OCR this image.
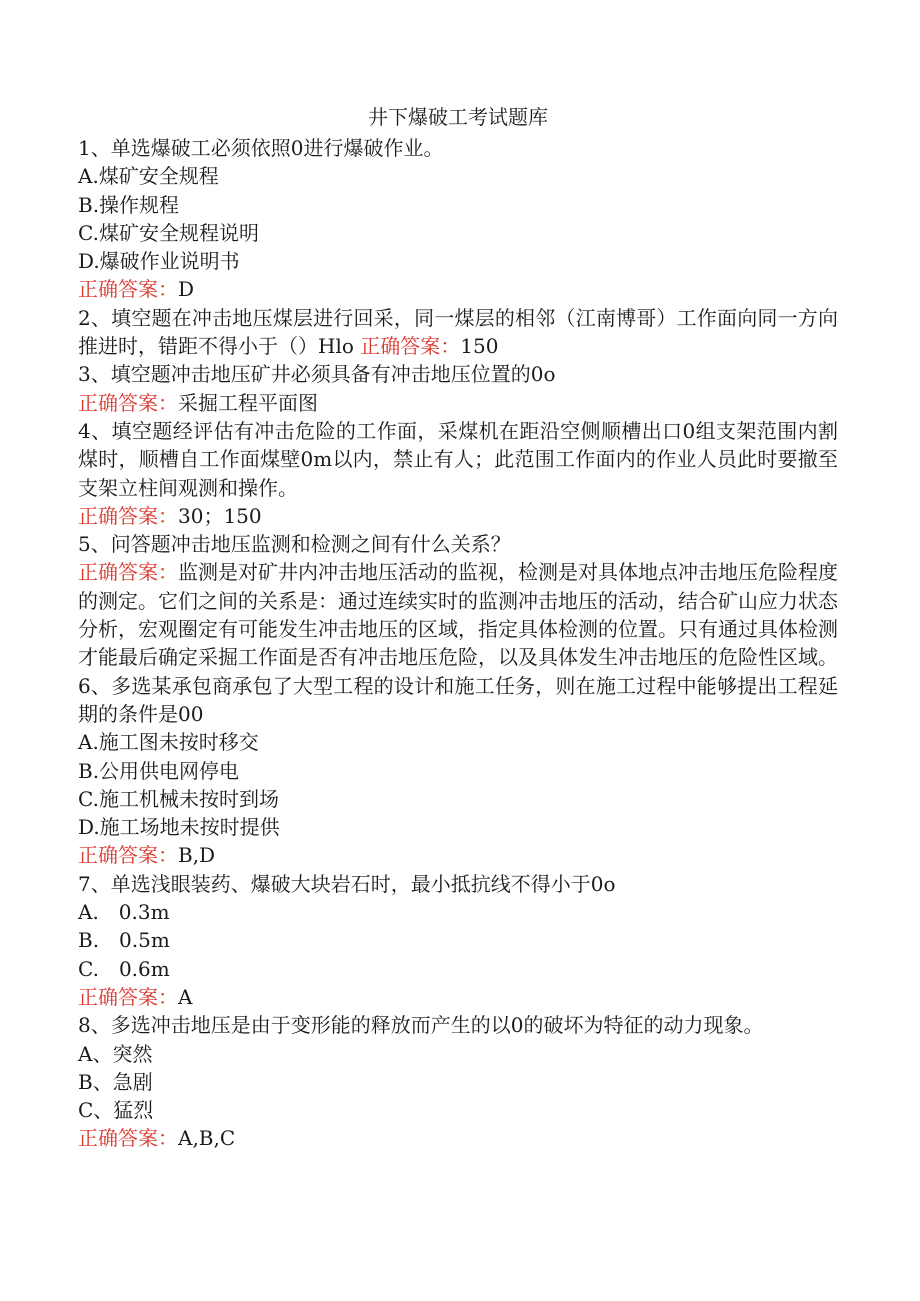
井下爆破工考试题库

1、单选爆破工必须依照0进行爆破作业。

A.煤矿安全规程

B.操作规程

C.煤矿安全规程说明

D.爆破作业说明书

正确答案：D

2、填空题在冲击地压煤层进行回采，同一煤层的相邻（江南博哥）工作面向同一方向推进时，错距不得小于（）Hlo 正确答案：150

3、填空题冲击地压矿井必须具备有冲击地压位置的0o

正确答案：采掘工程平面图

4、填空题经评估有冲击危险的工作面，采煤机在距沿空侧顺槽出口0组支架范围内割煤时，顺槽自工作面煤壁0m以内，禁止有人；此范围工作面内的作业人员此时要撤至支架立柱间观测和操作。

正确答案：30；150

5、问答题冲击地压监测和检测之间有什么关系？

正确答案：监测是对矿井内冲击地压活动的监视，检测是对具体地点冲击地压危险程度的测定。它们之间的关系是：通过连续实时的监测冲击地压的活动，结合矿山应力状态分析，宏观圈定有可能发生冲击地压的区域，指定具体检测的位置。只有通过具体检测才能最后确定采掘工作面是否有冲击地压危险，以及具体发生冲击地压的危险性区域。

6、多选某承包商承包了大型工程的设计和施工任务，则在施工过程中能够提出工程延期的条件是00

A.施工图未按时移交

B.公用供电网停电

C.施工机械未按时到场

D.施工场地未按时提供

正确答案：B,D

7、单选浅眼装药、爆破大块岩石时，最小抵抗线不得小于0o

A.　0.3m

B.　0.5m

C.　0.6m

正确答案：A

8、多选冲击地压是由于变形能的释放而产生的以0的破坏为特征的动力现象。

A、突然

B、急剧

C、猛烈

正确答案：A,B,C
